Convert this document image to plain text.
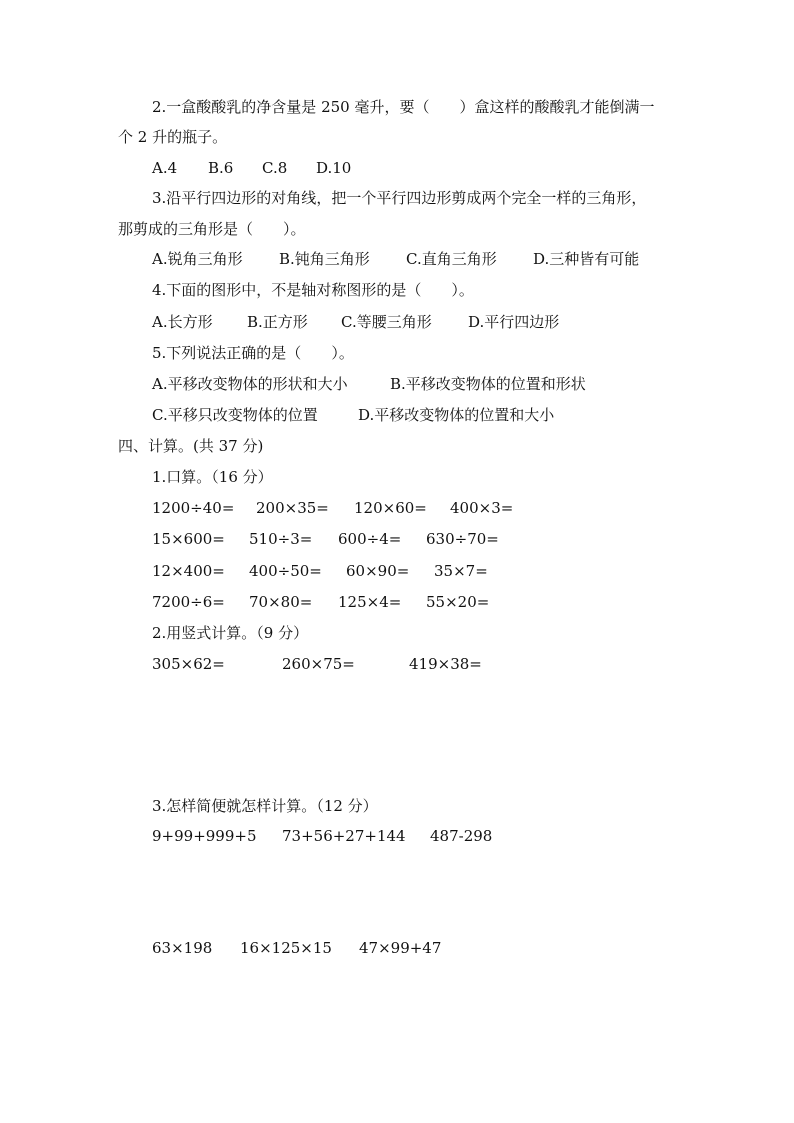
2.一盒酸酸乳的净含量是 250 毫升，要（　　）盒这样的酸酸乳才能倒满一
个 2 升的瓶子。
A.4 B.6 C.8 D.10
3.沿平行四边形的对角线，把一个平行四边形剪成两个完全一样的三角形，
那剪成的三角形是（　　）。
A.锐角三角形 B.钝角三角形 C.直角三角形 D.三种皆有可能
4.下面的图形中，不是轴对称图形的是（　　）。
A.长方形 B.正方形 C.等腰三角形 D.平行四边形
5.下列说法正确的是（　　）。
A.平移改变物体的形状和大小	B.平移改变物体的位置和形状
C.平移只改变物体的位置	D.平移改变物体的位置和大小
四、计算。(共 37 分)
1.口算。（16 分）
1200÷40= 200×35= 120×60= 400×3=
15×600= 510÷3= 600÷4= 630÷70=
12×400= 400÷50= 60×90= 35×7=
7200÷6= 70×80= 125×4= 55×20=
2.用竖式计算。（9 分）
305×62=	260×75=	419×38=
3.怎样简便就怎样计算。（12 分）
9+99+999+5 73+56+27+144 487-298
63×198 16×125×15 47×99+47
